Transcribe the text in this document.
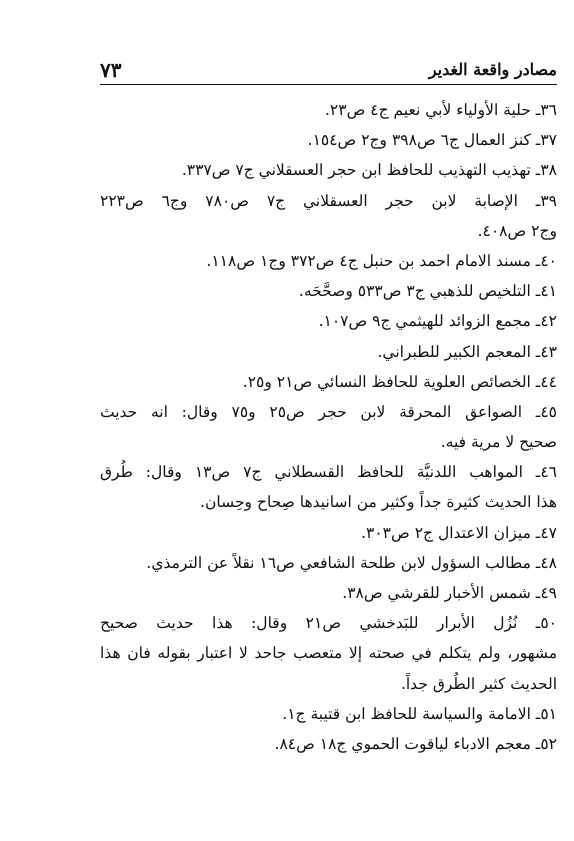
مصادر واقعة الغدير
٧٣
٣٦ـ حلية الأولياء لأبي نعيم ج٤ ص٢٣.
٣٧ـ كنز العمال ج٦ ص٣٩٨ وج٢ ص١٥٤.
٣٨ـ تهذيب التهذيب للحافظ ابن حجر العسقلاني ج٧ ص٣٣٧.
٣٩ـ الإصابة لابن حجر العسقلاني ج٧ ص٧٨٠ وج٦ ص٢٢٣
وج٢ ص٤٠٨.
٤٠ـ مسند الامام احمد بن حنبل ج٤ ص٣٧٢ وج١ ص١١٨.
٤١ـ التلخيص للذهبي ج٣ ص٥٣٣ وصحَّحَه.
٤٢ـ مجمع الزوائد للهيثمي ج٩ ص١٠٧.
٤٣ـ المعجم الكبير للطبراني.
٤٤ـ الخصائص العلوية للحافظ النسائي ص٢١ و٢٥.
٤٥ـ الصواعق المحرقة لابن حجر ص٢٥ و٧٥ وقال: انه حديث
صحيح لا مرية فيه.
٤٦ـ المواهب اللدنيَّة للحافظ القسطلاني ج٧ ص١٣ وقال: طُرق
هذا الحديث كثيرة جداً وكثير من اسانيدها صِحاح وحِسان.
٤٧ـ ميزان الاعتدال ج٢ ص٣٠٣.
٤٨ـ مطالب السؤول لابن طلحة الشافعي ص١٦ نقلاً عن الترمذي.
٤٩ـ شمس الأخبار للقرشي ص٣٨.
٥٠ـ نُزُل الأبرار للبَدخشي ص٢١ وقال: هذا حديث صحيح
مشهور، ولم يتكلم في صحته إلا متعصب جاحد لا اعتبار بقوله فان هذا
الحديث كثير الطُرق جداً.
٥١ـ الامامة والسياسة للحافظ ابن قتيبة ج١.
٥٢ـ معجم الادباء لياقوت الحموي ج١٨ ص٨٤.
